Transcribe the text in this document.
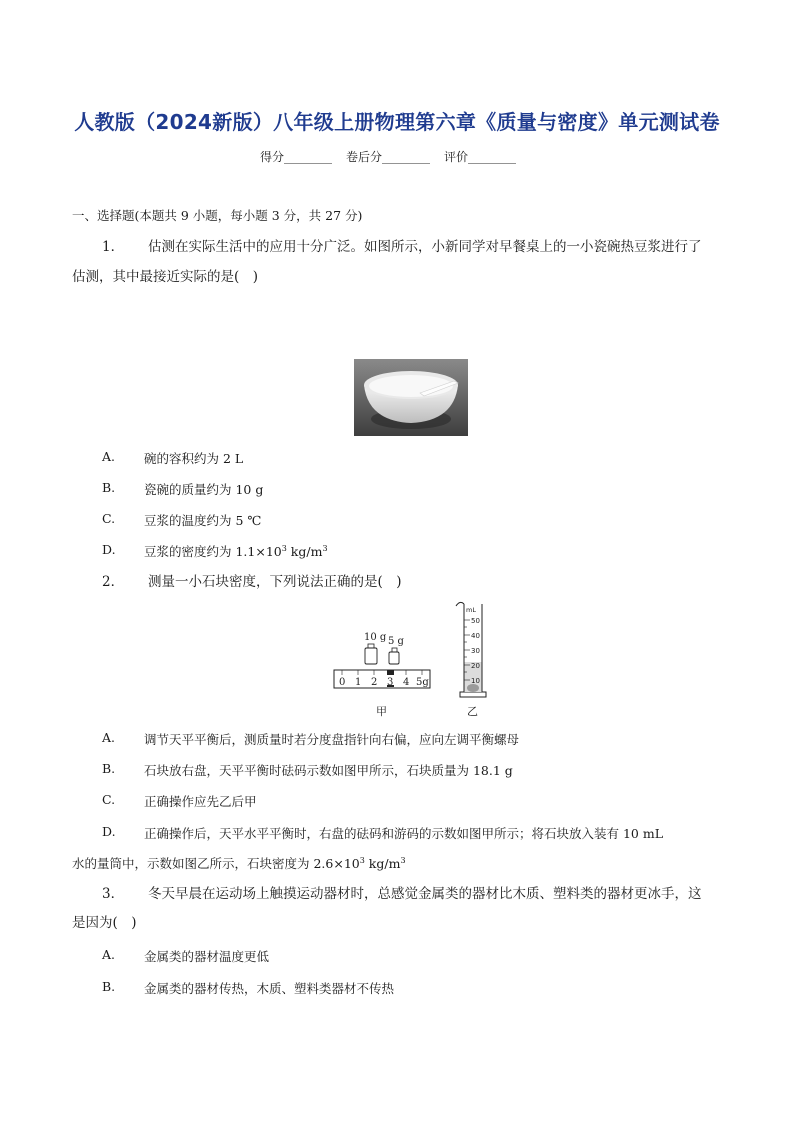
人教版（2024新版）八年级上册物理第六章《质量与密度》单元测试卷
得分________ 卷后分________ 评价________
一、选择题(本题共 9 小题，每小题 3 分，共 27 分)
1． 估测在实际生活中的应用十分广泛。如图所示，小新同学对早餐桌上的一小瓷碗热豆浆进行了
估测，其中最接近实际的是(　)
A. 碗的容积约为 2 L
B. 瓷碗的质量约为 10 g
C. 豆浆的温度约为 5 ℃
D. 豆浆的密度约为 $1.1\times 10^3$ $kg/m^3$
2． 测量一小石块密度，下列说法正确的是(　)
10 g 5 g
0 1 2 3 4 5g
mL
50
40
30
20
10
甲	乙
A. 调节天平平衡后，测质量时若分度盘指针向右偏，应向左调平衡螺母
B. 石块放右盘，天平平衡时砝码示数如图甲所示，石块质量为 18.1 g
C. 正确操作应先乙后甲
D. 正确操作后，天平水平平衡时，右盘的砝码和游码的示数如图甲所示；将石块放入装有 10 mL
水的量筒中，示数如图乙所示，石块密度为 $2.6\times 10^3$ $kg/m^3$
3． 冬天早晨在运动场上触摸运动器材时，总感觉金属类的器材比木质、塑料类的器材更冰手，这
是因为(　)
A. 金属类的器材温度更低
B. 金属类的器材传热，木质、塑料类器材不传热
